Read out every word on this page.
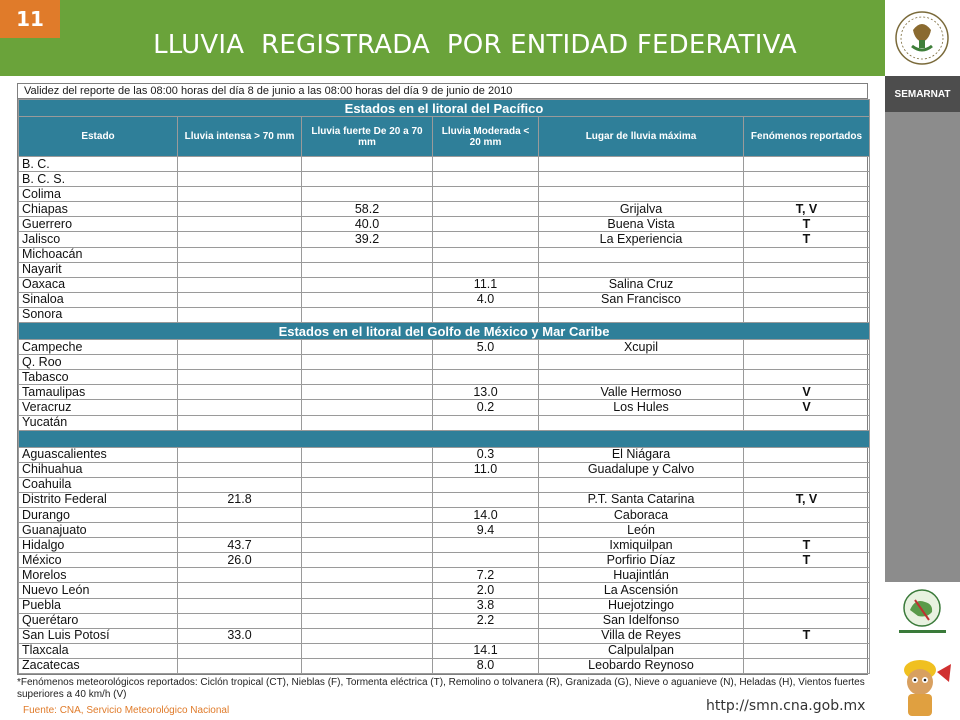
11
LLUVIA  REGISTRADA  POR ENTIDAD FEDERATIVA
SEMARNAT
Validez del reporte de las 08:00 horas del día 8 de junio a las 08:00 horas del día 9 de junio de 2010
Estados en el litoral del Pacífico					
Estado	Lluvia intensa > 70 mm	Lluvia fuerte De 20 a 70 mm	Lluvia Moderada < 20 mm	Lugar de lluvia máxima	Fenómenos reportados
B. C.					
B. C. S.					
Colima					
Chiapas		58.2		Grijalva	T, V
Guerrero		40.0		Buena Vista	T
Jalisco		39.2		La Experiencia	T
Michoacán					
Nayarit					
Oaxaca			11.1	Salina Cruz	
Sinaloa			4.0	San Francisco	
Sonora					
Estados en el litoral del Golfo de México y Mar Caribe					
Campeche			5.0	Xcupil	
Q. Roo					
Tabasco					
Tamaulipas			13.0	Valle Hermoso	V
Veracruz			0.2	Los Hules	V
Yucatán					

Aguascalientes			0.3	El Niágara	
Chihuahua			11.0	Guadalupe y Calvo	
Coahuila					
Distrito Federal	21.8			P.T. Santa Catarina	T, V
Durango			14.0	Caboraca	
Guanajuato			9.4	León	
Hidalgo	43.7			Ixmiquilpan	T
México	26.0			Porfirio Díaz	T
Morelos			7.2	Huajintlán	
Nuevo León			2.0	La Ascensión	
Puebla			3.8	Huejotzingo	
Querétaro			2.2	San Idelfonso	
San Luis Potosí	33.0			Villa de Reyes	T
Tlaxcala			14.1	Calpulalpan	
Zacatecas			8.0	Leobardo Reynoso	
*Fenómenos meteorológicos reportados: Ciclón tropical (CT), Nieblas (F), Tormenta eléctrica (T), Remolino o tolvanera (R), Granizada (G), Nieve o aguanieve (N), Heladas (H), Vientos fuertes superiores a 40 km/h (V)
Fuente: CNA, Servicio Meteorológico Nacional	http://smn.cna.gob.mx
